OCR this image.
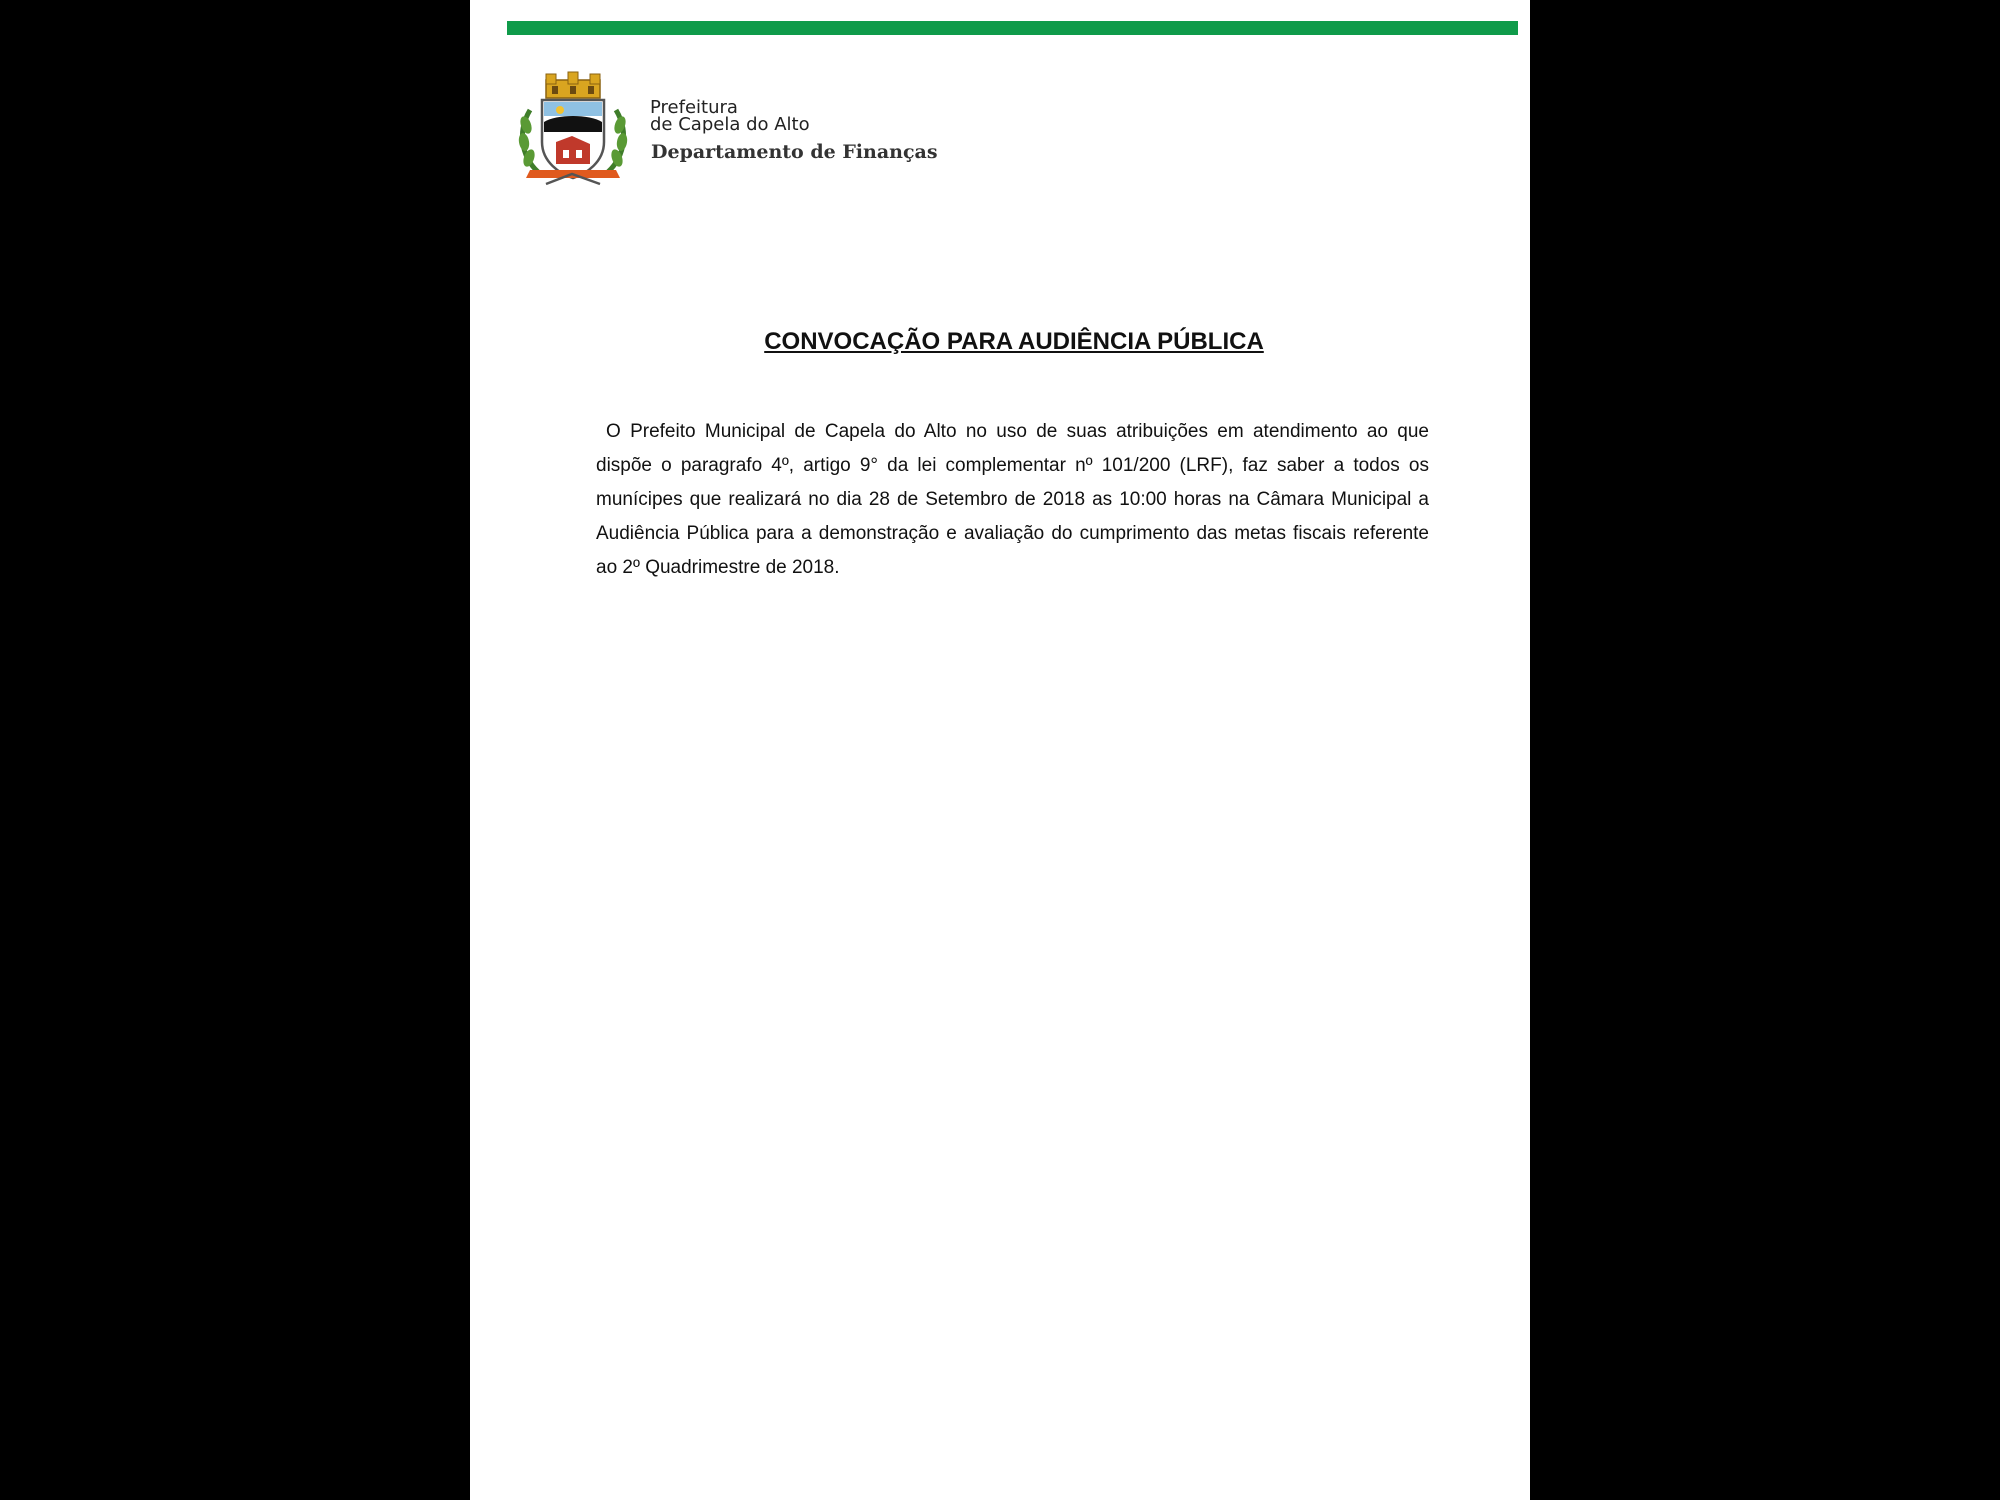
Prefeitura
de Capela do Alto
Departamento de Finanças
CONVOCAÇÃO PARA AUDIÊNCIA PÚBLICA

O Prefeito Municipal de Capela do Alto no uso de suas atribuições em atendimento ao que dispõe o paragrafo 4º, artigo 9° da lei complementar nº 101/200 (LRF), faz saber a todos os munícipes que realizará no dia 28 de Setembro de 2018 as 10:00 horas na Câmara Municipal a Audiência Pública para a demonstração e avaliação do cumprimento das metas fiscais referente ao 2º Quadrimestre de 2018.
